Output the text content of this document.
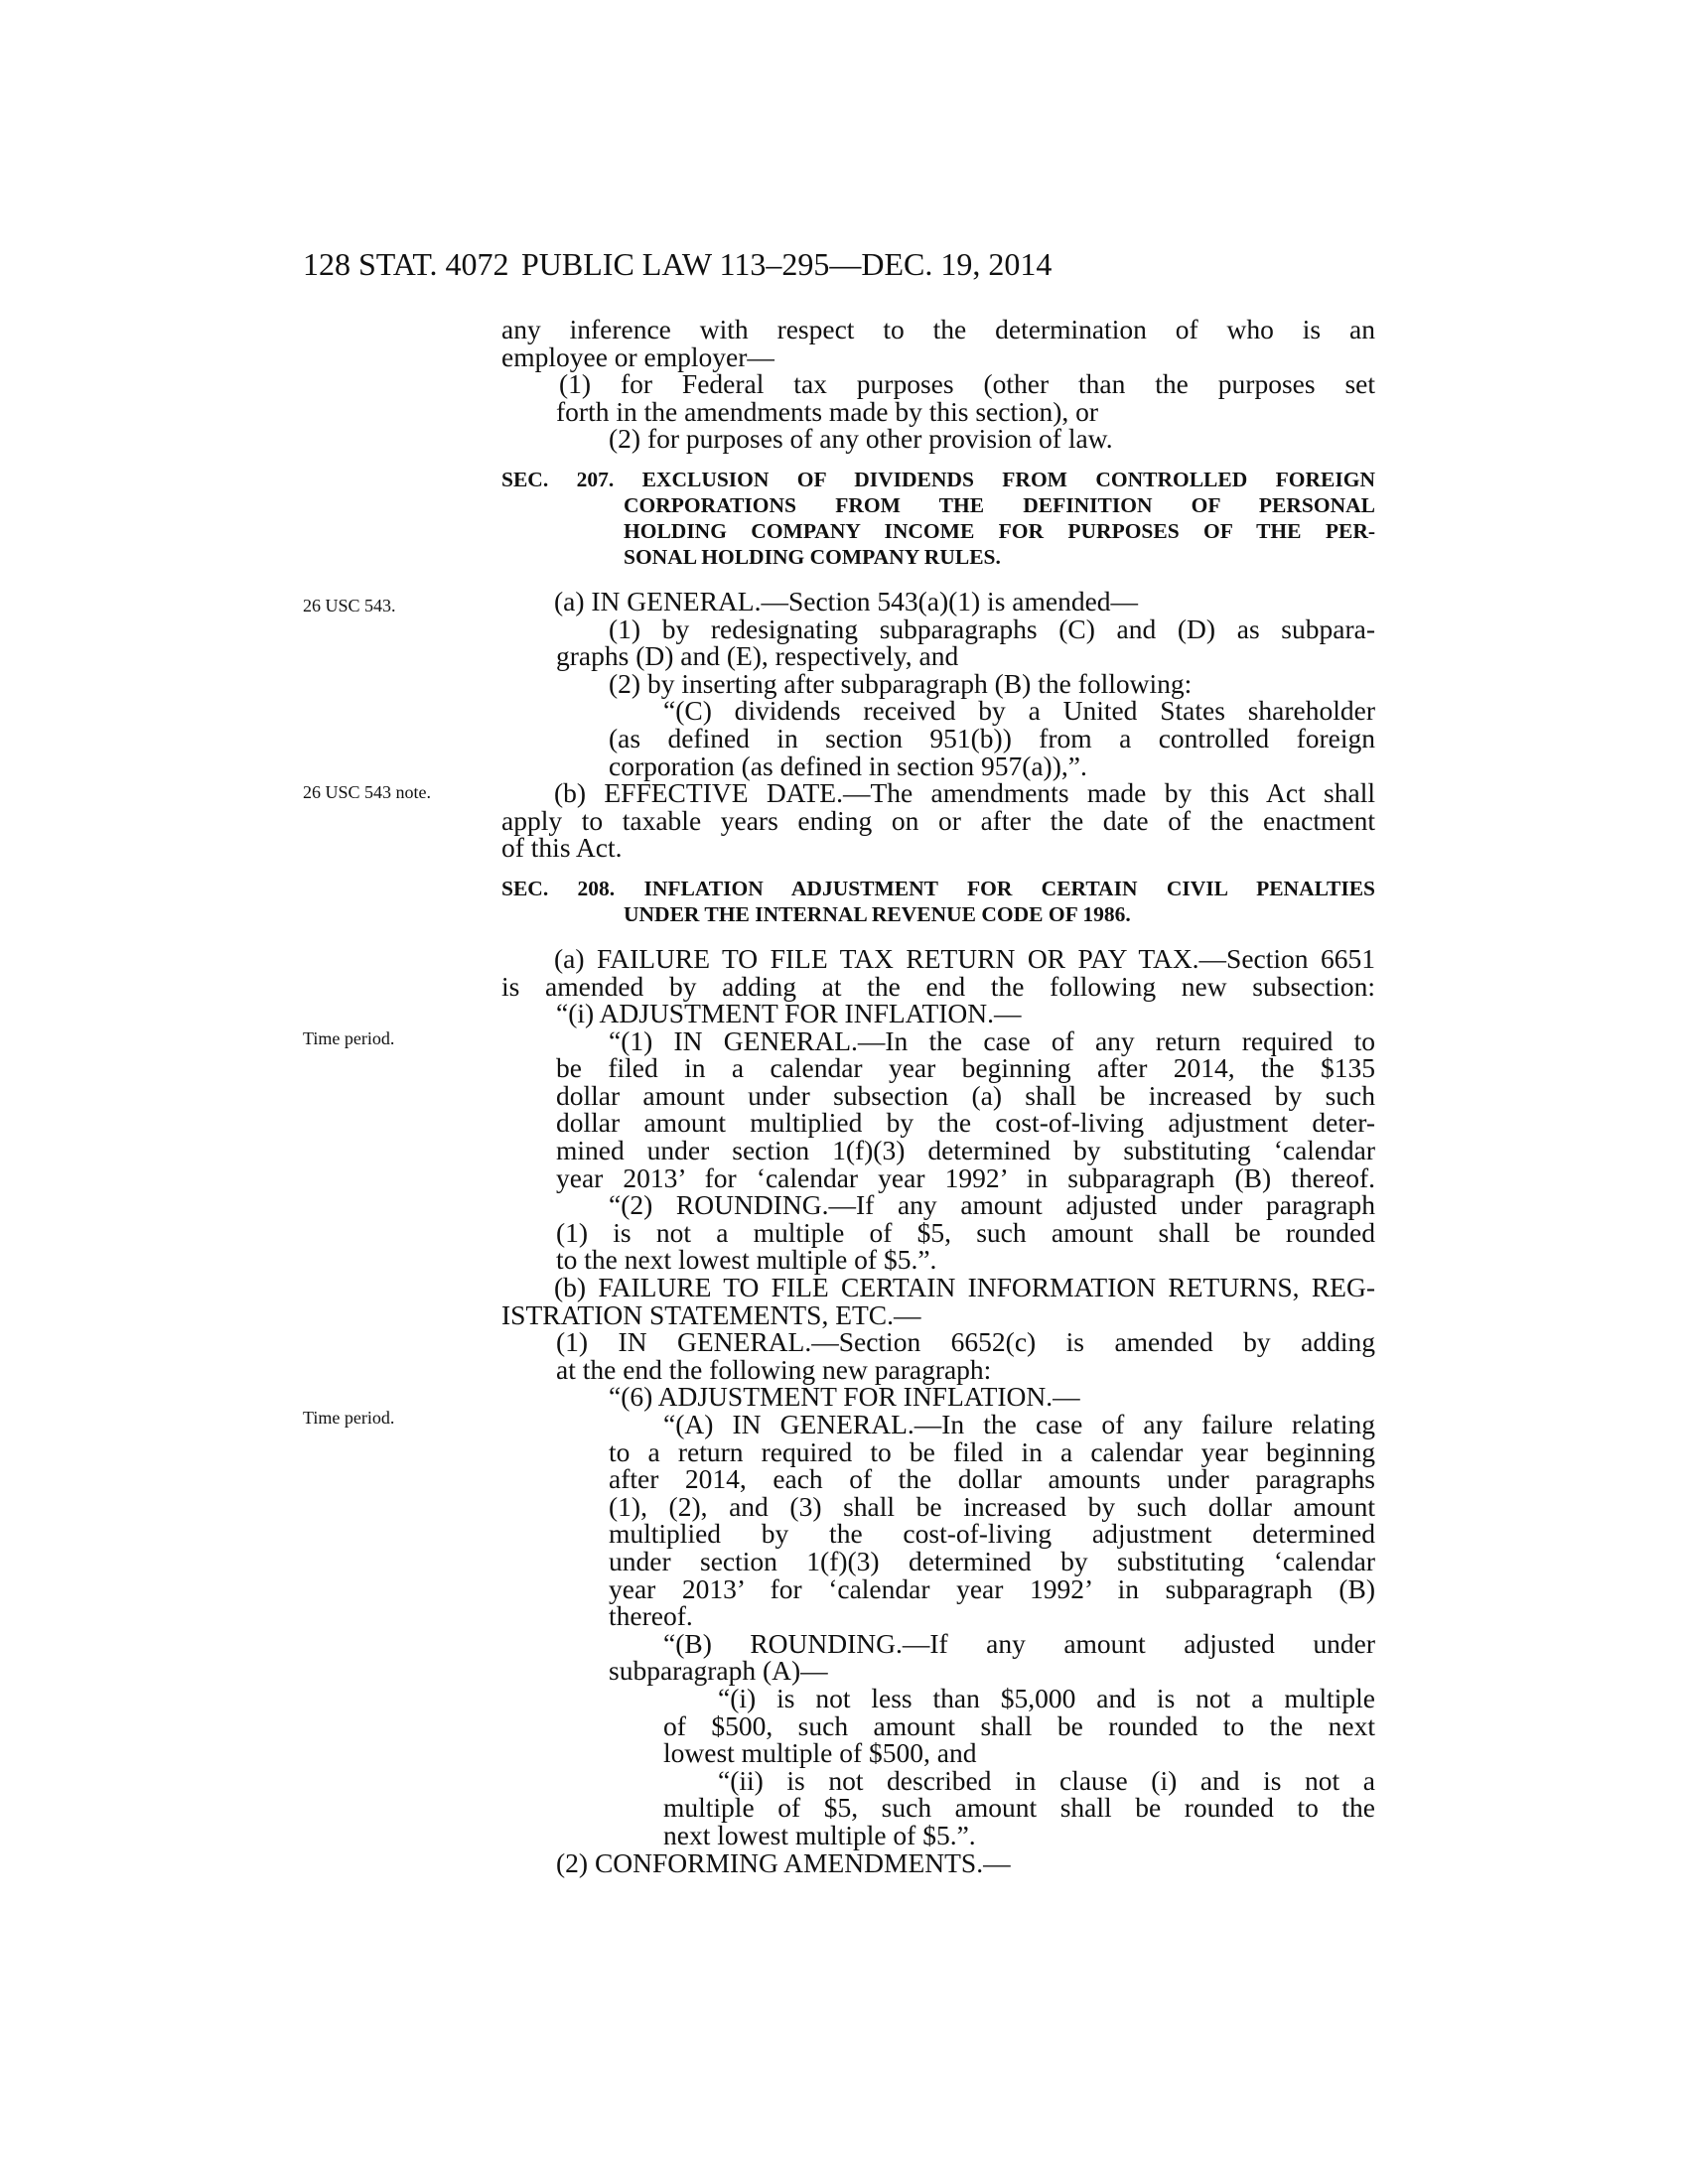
128 STAT. 4072 PUBLIC LAW 113–295—DEC. 19, 2014
26 USC 543.
26 USC 543 note.
Time period.
Time period.
any inference with respect to the determination of who is an
employee or employer—
(1) for Federal tax purposes (other than the purposes set
forth in the amendments made by this section), or
(2) for purposes of any other provision of law.
SEC. 207. EXCLUSION OF DIVIDENDS FROM CONTROLLED FOREIGN
CORPORATIONS FROM THE DEFINITION OF PERSONAL
HOLDING COMPANY INCOME FOR PURPOSES OF THE PER-
SONAL HOLDING COMPANY RULES.
(a) IN GENERAL.—Section 543(a)(1) is amended—
(1) by redesignating subparagraphs (C) and (D) as subpara-
graphs (D) and (E), respectively, and
(2) by inserting after subparagraph (B) the following:
“(C) dividends received by a United States shareholder
(as defined in section 951(b)) from a controlled foreign
corporation (as defined in section 957(a)),”.
(b) EFFECTIVE DATE.—The amendments made by this Act shall
apply to taxable years ending on or after the date of the enactment
of this Act.
SEC. 208. INFLATION ADJUSTMENT FOR CERTAIN CIVIL PENALTIES
UNDER THE INTERNAL REVENUE CODE OF 1986.
(a) FAILURE TO FILE TAX RETURN OR PAY TAX.—Section 6651
is amended by adding at the end the following new subsection:
“(i) ADJUSTMENT FOR INFLATION.—
“(1) IN GENERAL.—In the case of any return required to
be filed in a calendar year beginning after 2014, the $135
dollar amount under subsection (a) shall be increased by such
dollar amount multiplied by the cost-of-living adjustment deter-
mined under section 1(f)(3) determined by substituting ‘calendar
year 2013’ for ‘calendar year 1992’ in subparagraph (B) thereof.
“(2) ROUNDING.—If any amount adjusted under paragraph
(1) is not a multiple of $5, such amount shall be rounded
to the next lowest multiple of $5.”.
(b) FAILURE TO FILE CERTAIN INFORMATION RETURNS, REG-
ISTRATION STATEMENTS, ETC.—
(1) IN GENERAL.—Section 6652(c) is amended by adding
at the end the following new paragraph:
“(6) ADJUSTMENT FOR INFLATION.—
“(A) IN GENERAL.—In the case of any failure relating
to a return required to be filed in a calendar year beginning
after 2014, each of the dollar amounts under paragraphs
(1), (2), and (3) shall be increased by such dollar amount
multiplied by the cost-of-living adjustment determined
under section 1(f)(3) determined by substituting ‘calendar
year 2013’ for ‘calendar year 1992’ in subparagraph (B)
thereof.
“(B) ROUNDING.—If any amount adjusted under
subparagraph (A)—
“(i) is not less than $5,000 and is not a multiple
of $500, such amount shall be rounded to the next
lowest multiple of $500, and
“(ii) is not described in clause (i) and is not a
multiple of $5, such amount shall be rounded to the
next lowest multiple of $5.”.
(2) CONFORMING AMENDMENTS.—
